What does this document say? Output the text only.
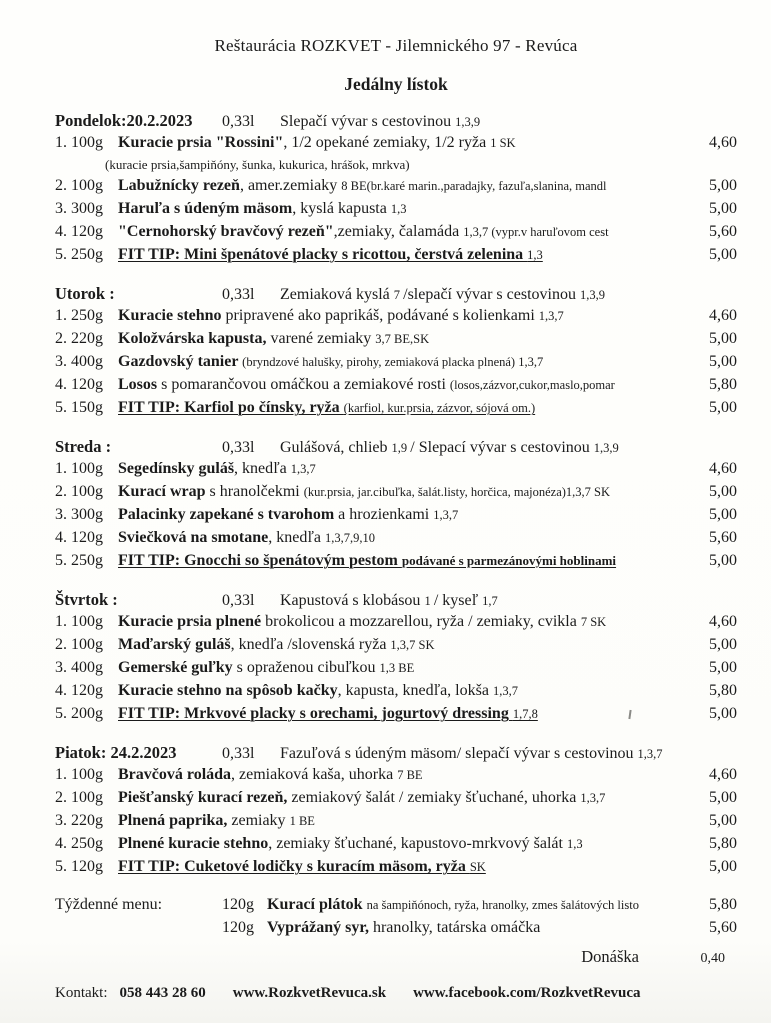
Reštaurácia ROZKVET - Jilemnického 97 - Revúca
Jedálny lístok
Pondelok:20.2.2023	0,33l	Slepačí vývar s cestovinou 1,3,9
1. 100g Kuracie prsia "Rossini", 1/2 opekané zemiaky, 1/2 ryža 1 SK	4,60
(kuracie prsia,šampiňóny, šunka, kukurica, hrášok, mrkva)
2. 100g Labužnícky rezeň, amer.zemiaky 8 BE(br.karé marin.,paradajky, fazuľa,slanina, mandl	5,00
3. 300g Haruľa s údeným mäsom, kyslá kapusta 1,3	5,00
4. 120g "Cernohorský bravčový rezeň",zemiaky, čalamáda 1,3,7 (vypr.v haruľovom cest	5,60
5. 250g FIT TIP: Mini špenátové placky s ricottou, čerstvá zelenina 1,3	5,00
Utorok :	0,33l	Zemiaková kyslá 7 /slepačí vývar s cestovinou 1,3,9
1. 250g Kuracie stehno pripravené ako paprikáš, podávané s kolienkami 1,3,7	4,60
2. 220g Koložvárska kapusta, varené zemiaky 3,7 BE,SK	5,00
3. 400g Gazdovský tanier (bryndzové halušky, pirohy, zemiaková placka plnená) 1,3,7	5,00
4. 120g Losos s pomarančovou omáčkou a zemiakové rosti (losos,zázvor,cukor,maslo,pomar	5,80
5. 150g FIT TIP: Karfiol po čínsky, ryža (karfiol, kur.prsia, zázvor, sójová om.)	5,00
Streda :	0,33l	Gulášová, chlieb 1,9 / Slepací vývar s cestovinou 1,3,9
1. 100g Segedínsky guláš, knedľa 1,3,7	4,60
2. 100g Kurací wrap s hranolčekmi (kur.prsia, jar.cibuľka, šalát.listy, horčica, majonéza)1,3,7 SK	5,00
3. 300g Palacinky zapekané s tvarohom a hrozienkami 1,3,7	5,00
4. 120g Sviečková na smotane, knedľa 1,3,7,9,10	5,60
5. 250g FIT TIP: Gnocchi so špenátovým pestom podávané s parmezánovými hoblinami	5,00
Štvrtok :	0,33l	Kapustová s klobásou 1 / kyseľ 1,7
1. 100g Kuracie prsia plnené brokolicou a mozzarellou, ryža / zemiaky, cvikla 7 SK	4,60
2. 100g Maďarský guláš, knedľa /slovenská ryža 1,3,7 SK	5,00
3. 400g Gemerské guľky s opraženou cibuľkou 1,3 BE	5,00
4. 120g Kuracie stehno na spôsob kačky, kapusta, knedľa, lokša 1,3,7	5,80
5. 200g FIT TIP: Mrkvové placky s orechami, jogurtový dressing 1,7,8	5,00
Piatok: 24.2.2023	0,33l	Fazuľová s údeným mäsom/ slepačí vývar s cestovinou 1,3,7
1. 100g Bravčová roláda, zemiaková kaša, uhorka 7 BE	4,60
2. 100g Piešťanský kurací rezeň, zemiakový šalát / zemiaky šťuchané, uhorka 1,3,7	5,00
3. 220g Plnená paprika, zemiaky 1 BE	5,00
4. 250g Plnené kuracie stehno, zemiaky šťuchané, kapustovo-mrkvový šalát 1,3	5,80
5. 120g FIT TIP: Cuketové lodičky s kuracím mäsom, ryža SK	5,00
Týždenné menu:	120g Kurací plátok na šampiňónoch, ryža, hranolky, zmes šalátových listo	5,80
120g Vyprážaný syr, hranolky, tatárska omáčka	5,60
Donáška	0,40
Kontakt: 058 443 28 60 www.RozkvetRevuca.sk www.facebook.com/RozkvetRevuca
